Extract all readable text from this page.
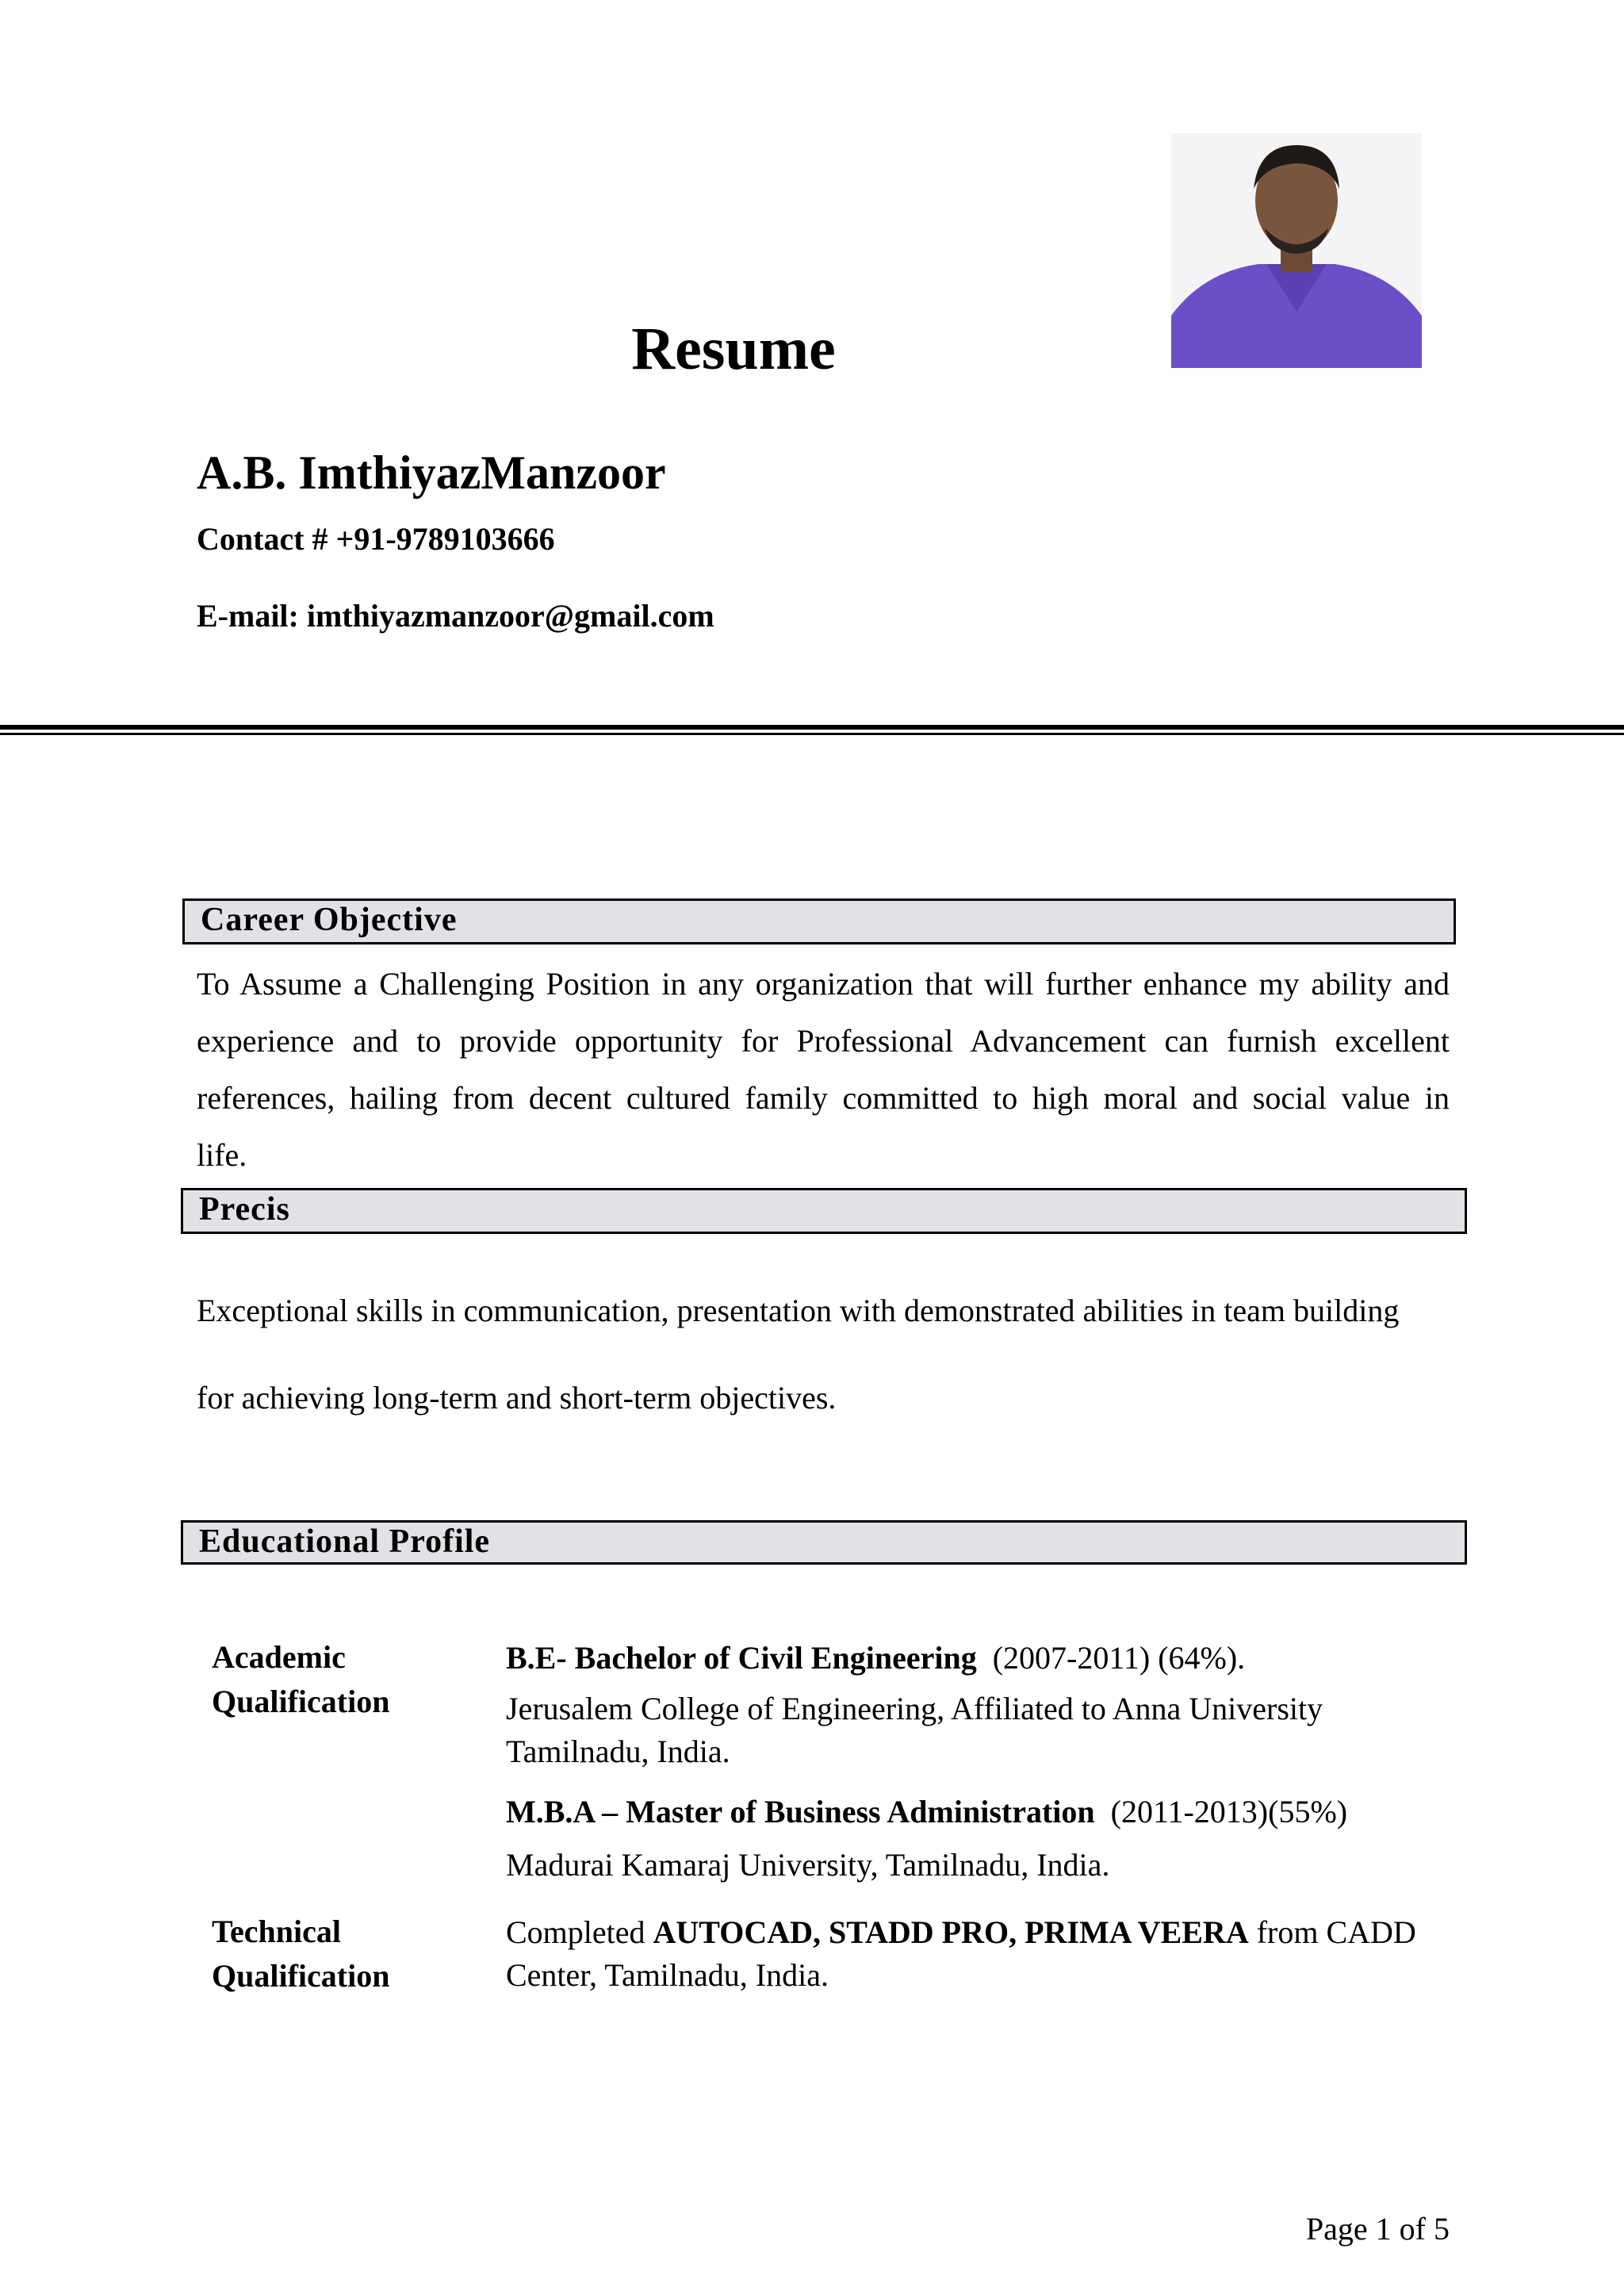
Resume
A.B. ImthiyazManzoor
Contact # +91-9789103666
E-mail: imthiyazmanzoor@gmail.com
Career Objective
To Assume a Challenging Position in any organization that will further enhance my ability and experience and to provide opportunity for Professional Advancement can furnish excellent references, hailing from decent cultured family committed to high moral and social value in life.
Precis
Exceptional skills in communication, presentation with demonstrated abilities in team building
for achieving long-term and short-term objectives.
Educational Profile
Academic
Qualification
B.E- Bachelor of Civil Engineering (2007-2011) (64%).
Jerusalem College of Engineering, Affiliated to Anna University Tamilnadu, India.
M.B.A – Master of Business Administration (2011-2013)(55%)
Madurai Kamaraj University, Tamilnadu, India.
Technical
Qualification
Completed AUTOCAD, STADD PRO, PRIMA VEERA from CADD Center, Tamilnadu, India.
Page 1 of 5
